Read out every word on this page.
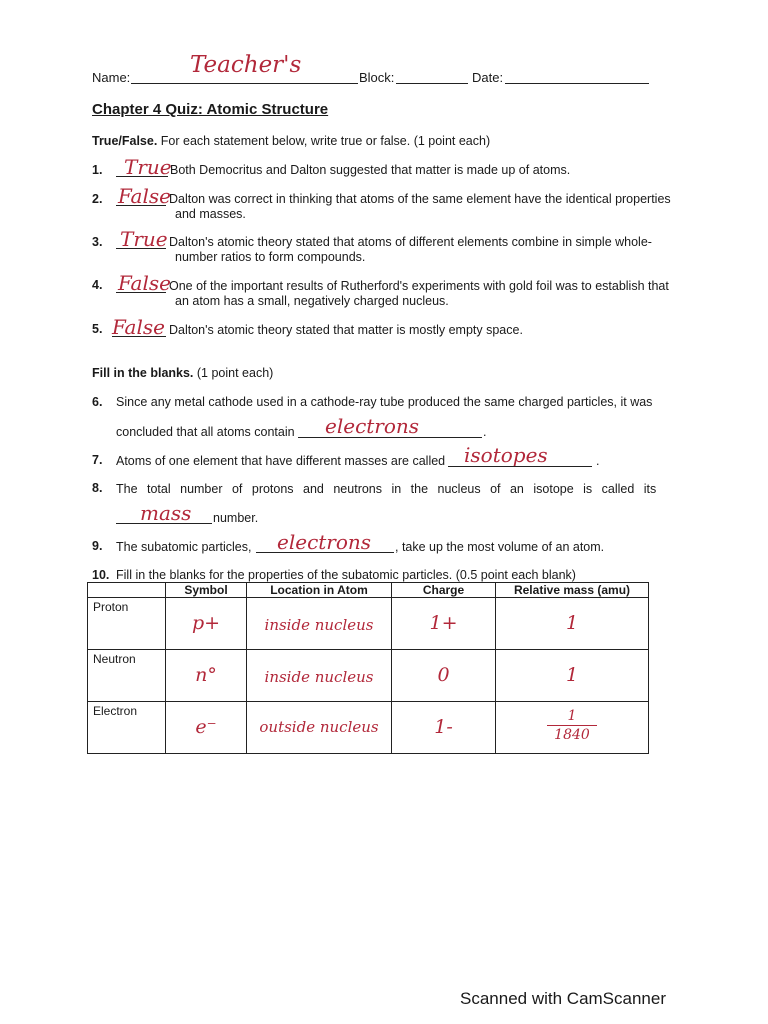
Name:	Teacher's	Block:	Date:
Chapter 4 Quiz: Atomic Structure
True/False. For each statement below, write true or false. (1 point each)
1. True
Both Democritus and Dalton suggested that matter is made up of atoms.
2. False
Dalton was correct in thinking that atoms of the same element have the identical properties
and masses.
3. True Dalton's atomic theory stated that atoms of different elements combine in simple whole-
number ratios to form compounds.
4. False
One of the important results of Rutherford's experiments with gold foil was to establish that
an atom has a small, negatively charged nucleus.
5. False Dalton's atomic theory stated that matter is mostly empty space.
Fill in the blanks. (1 point each)
6. Since any metal cathode used in a cathode-ray tube produced the same charged particles, it was
concluded that all atoms contain electrons	.
7. Atoms of one element that have different masses are called isotopes	.
8. The total number of protons and neutrons in the nucleus of an isotope is called its
mass number.
9. The subatomic particles, electrons , take up the most volume of an atom.
10. Fill in the blanks for the properties of the subatomic particles. (0.5 point each blank)
	Symbol	Location in Atom	Charge	Relative mass (amu)

Proton	p+	inside nucleus	1+	1

Neutron	n°	inside nucleus	0	1

Electron	e⁻	outside nucleus	1-	1
1840
Scanned with CamScanner
